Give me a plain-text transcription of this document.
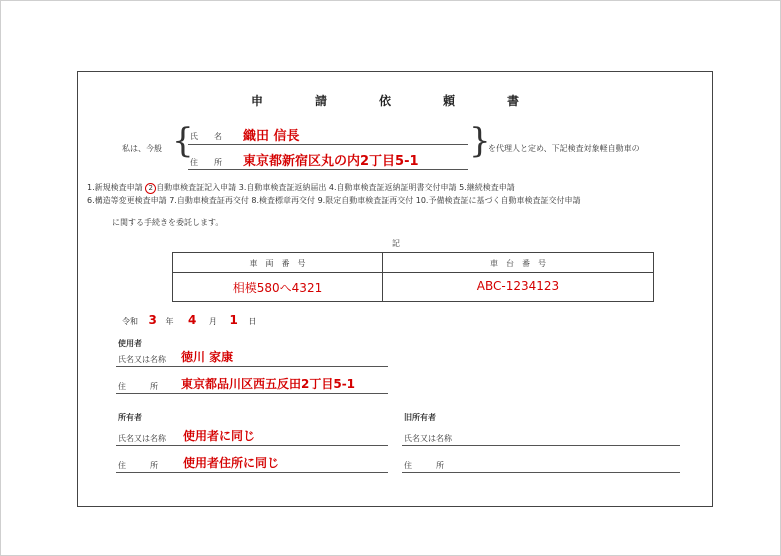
申　請　依　頼　書
私は、今般 {
氏　　名 織田 信長
住　　所 東京都新宿区丸の内2丁目5-1
}
を代理人と定め、下記検査対象軽自動車の
1.新規検査申請 2 自動車検査証記入申請 3.自動車検査証返納届出 4.自動車検査証返納証明書交付申請 5.継続検査申請
6.構造等変更検査申請 7.自動車検査証再交付 8.検査標章再交付 9.限定自動車検査証再交付 10.予備検査証に基づく自動車検査証交付申請
に関する手続きを委託します。
記
車　両　番　号	車　台　番　号
相模580へ4321	ABC-1234123
令和 3 年 4 月 1 日
使用者
氏名又は名称 徳川 家康
住　　　所 東京都品川区西五反田2丁目5-1
所有者
氏名又は名称 使用者に同じ
住　　　所 使用者住所に同じ
旧所有者
氏名又は名称
住　　　所
